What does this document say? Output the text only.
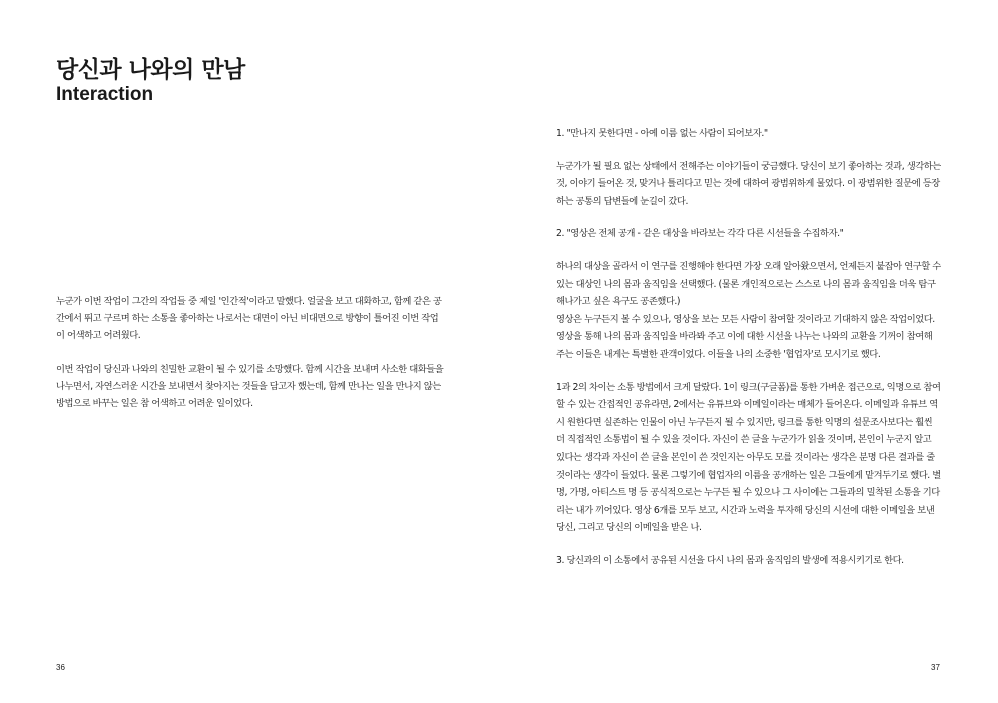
당신과 나와의 만남
Interaction

누군가 이번 작업이 그간의 작업들 중 제일 '인간적'이라고 말했다. 얼굴을 보고 대화하고, 함께 같은 공간에서 뛰고 구르며 하는 소통을 좋아하는 나로서는 대면이 아닌 비대면으로 방향이 틀어진 이번 작업이 어색하고 어려웠다.

이번 작업이 당신과 나와의 친밀한 교환이 될 수 있기를 소망했다. 함께 시간을 보내며 사소한 대화들을 나누면서, 자연스러운 시간을 보내면서 찾아지는 것들을 담고자 했는데, 함께 만나는 일을 만나지 않는 방법으로 바꾸는 일은 참 어색하고 어려운 일이었다.

1. "만나지 못한다면 - 아예 이름 없는 사람이 되어보자."

누군가가 될 필요 없는 상태에서 전해주는 이야기들이 궁금했다. 당신이 보기 좋아하는 것과, 생각하는 것, 이야기 들어온 것, 맞거나 틀리다고 믿는 것에 대하여 광범위하게 물었다. 이 광범위한 질문에 등장하는 공통의 답변들에 눈길이 갔다.

2. "영상은 전체 공개 - 같은 대상을 바라보는 각각 다른 시선들을 수집하자."

하나의 대상을 골라서 이 연구를 진행해야 한다면 가장 오래 알아왔으면서, 언제든지 붙잡아 연구할 수 있는 대상인 나의 몸과 움직임을 선택했다. (물론 개인적으로는 스스로 나의 몸과 움직임을 더욱 탐구해나가고 싶은 욕구도 공존했다.)

영상은 누구든지 볼 수 있으나, 영상을 보는 모든 사람이 참여할 것이라고 기대하지 않은 작업이었다. 영상을 통해 나의 몸과 움직임을 바라봐 주고 이에 대한 시선을 나누는 나와의 교환을 기꺼이 참여해 주는 이들은 내게는 특별한 관객이었다. 이들을 나의 소중한 '협업자'로 모시기로 했다.

1과 2의 차이는 소통 방법에서 크게 달랐다. 1이 링크(구글폼)를 통한 가벼운 접근으로, 익명으로 참여할 수 있는 간접적인 공유라면, 2에서는 유튜브와 이메일이라는 매체가 들어온다. 이메일과 유튜브 역시 원한다면 실존하는 인물이 아닌 누구든지 될 수 있지만, 링크를 통한 익명의 설문조사보다는 훨씬 더 직접적인 소통법이 될 수 있을 것이다. 자신이 쓴 글을 누군가가 읽을 것이며, 본인이 누군지 알고 있다는 생각과 자신이 쓴 글을 본인이 쓴 것인지는 아무도 모를 것이라는 생각은 분명 다른 결과를 줄 것이라는 생각이 들었다. 물론 그렇기에 협업자의 이름을 공개하는 일은 그들에게 맡겨두기로 했다. 별명, 가명, 아티스트 명 등 공식적으로는 누구든 될 수 있으나 그 사이에는 그들과의 밀착된 소통을 기다리는 내가 끼어있다. 영상 6개를 모두 보고, 시간과 노력을 투자해 당신의 시선에 대한 이메일을 보낸 당신, 그리고 당신의 이메일을 받은 나.

3. 당신과의 이 소통에서 공유된 시선을 다시 나의 몸과 움직임의 발생에 적용시키기로 한다.

36	37
